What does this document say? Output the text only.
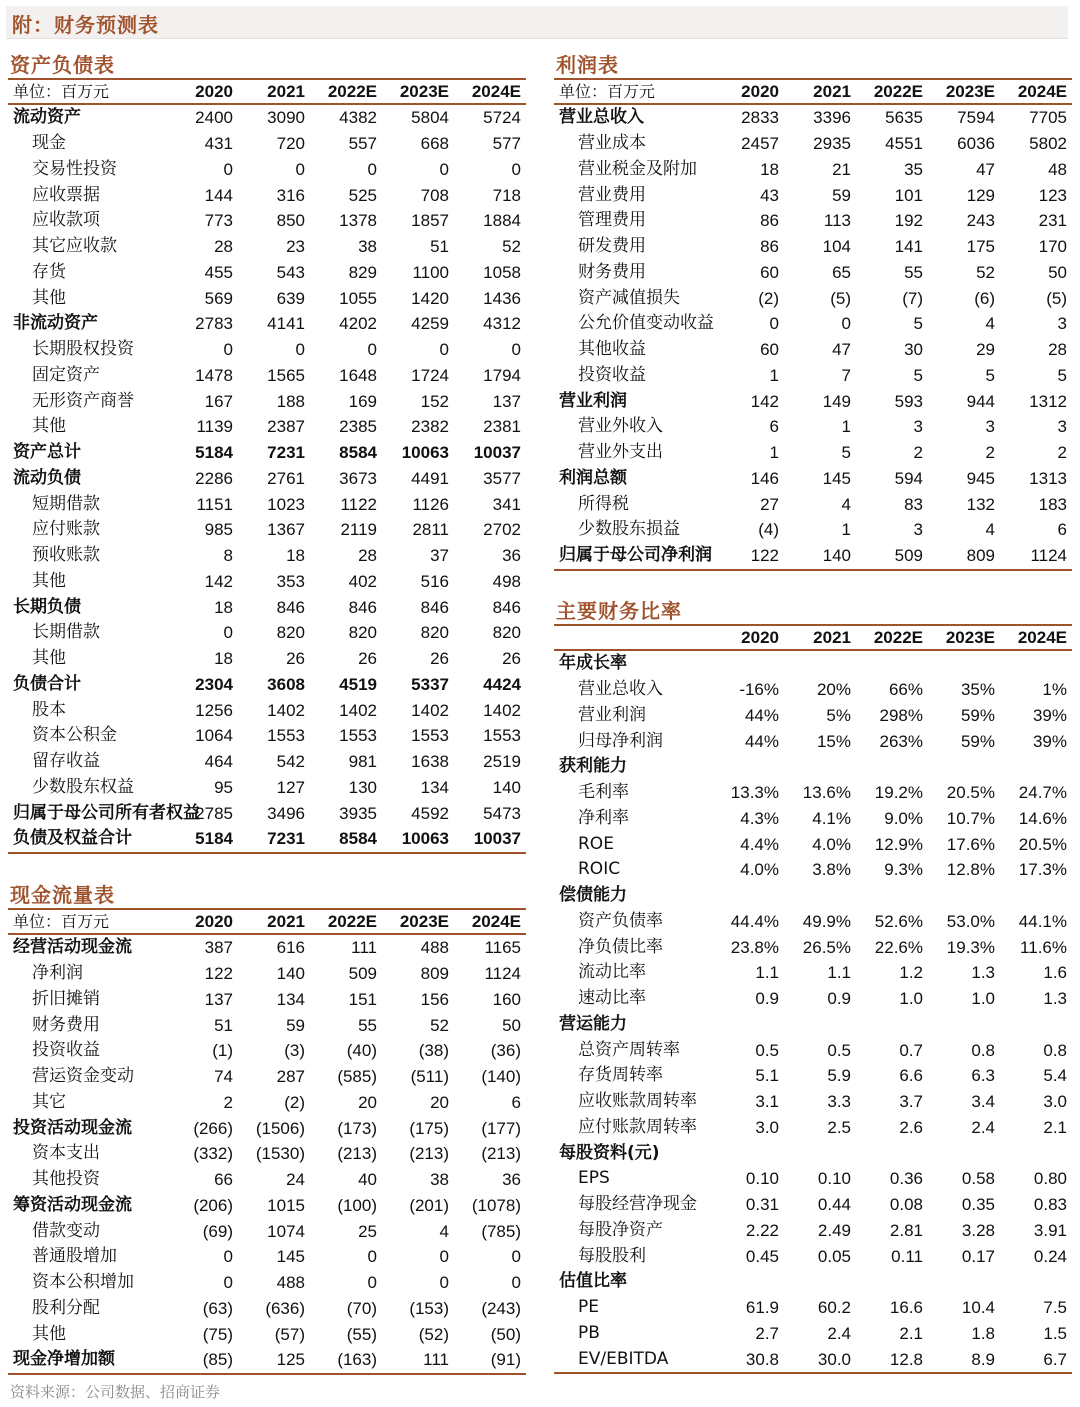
附：财务预测表
资产负债表
单位：百万元	2020	2021	2022E	2023E	2024E
流动资产	2400	3090	4382	5804	5724
现金	431	720	557	668	577
交易性投资	0	0	0	0	0
应收票据	144	316	525	708	718
应收款项	773	850	1378	1857	1884
其它应收款	28	23	38	51	52
存货	455	543	829	1100	1058
其他	569	639	1055	1420	1436
非流动资产	2783	4141	4202	4259	4312
长期股权投资	0	0	0	0	0
固定资产	1478	1565	1648	1724	1794
无形资产商誉	167	188	169	152	137
其他	1139	2387	2385	2382	2381
资产总计	5184	7231	8584	10063	10037
流动负债	2286	2761	3673	4491	3577
短期借款	1151	1023	1122	1126	341
应付账款	985	1367	2119	2811	2702
预收账款	8	18	28	37	36
其他	142	353	402	516	498
长期负债	18	846	846	846	846
长期借款	0	820	820	820	820
其他	18	26	26	26	26
负债合计	2304	3608	4519	5337	4424
股本	1256	1402	1402	1402	1402
资本公积金	1064	1553	1553	1553	1553
留存收益	464	542	981	1638	2519
少数股东权益	95	127	130	134	140
归属于母公司所有者权益	2785	3496	3935	4592	5473
负债及权益合计	5184	7231	8584	10063	10037
现金流量表
单位：百万元	2020	2021	2022E	2023E	2024E
经营活动现金流	387	616	111	488	1165
净利润	122	140	509	809	1124
折旧摊销	137	134	151	156	160
财务费用	51	59	55	52	50
投资收益	(1)	(3)	(40)	(38)	(36)
营运资金变动	74	287	(585)	(511)	(140)
其它	2	(2)	20	20	6
投资活动现金流	(266)	(1506)	(173)	(175)	(177)
资本支出	(332)	(1530)	(213)	(213)	(213)
其他投资	66	24	40	38	36
筹资活动现金流	(206)	1015	(100)	(201)	(1078)
借款变动	(69)	1074	25	4	(785)
普通股增加	0	145	0	0	0
资本公积增加	0	488	0	0	0
股利分配	(63)	(636)	(70)	(153)	(243)
其他	(75)	(57)	(55)	(52)	(50)
现金净增加额	(85)	125	(163)	111	(91)
利润表
单位：百万元	2020	2021	2022E	2023E	2024E
营业总收入	2833	3396	5635	7594	7705
营业成本	2457	2935	4551	6036	5802
营业税金及附加	18	21	35	47	48
营业费用	43	59	101	129	123
管理费用	86	113	192	243	231
研发费用	86	104	141	175	170
财务费用	60	65	55	52	50
资产减值损失	(2)	(5)	(7)	(6)	(5)
公允价值变动收益	0	0	5	4	3
其他收益	60	47	30	29	28
投资收益	1	7	5	5	5
营业利润	142	149	593	944	1312
营业外收入	6	1	3	3	3
营业外支出	1	5	2	2	2
利润总额	146	145	594	945	1313
所得税	27	4	83	132	183
少数股东损益	(4)	1	3	4	6
归属于母公司净利润	122	140	509	809	1124
主要财务比率
	2020	2021	2022E	2023E	2024E
年成长率					
营业总收入	-16%	20%	66%	35%	1%
营业利润	44%	5%	298%	59%	39%
归母净利润	44%	15%	263%	59%	39%
获利能力					
毛利率	13.3%	13.6%	19.2%	20.5%	24.7%
净利率	4.3%	4.1%	9.0%	10.7%	14.6%
ROE	4.4%	4.0%	12.9%	17.6%	20.5%
ROIC	4.0%	3.8%	9.3%	12.8%	17.3%
偿债能力					
资产负债率	44.4%	49.9%	52.6%	53.0%	44.1%
净负债比率	23.8%	26.5%	22.6%	19.3%	11.6%
流动比率	1.1	1.1	1.2	1.3	1.6
速动比率	0.9	0.9	1.0	1.0	1.3
营运能力					
总资产周转率	0.5	0.5	0.7	0.8	0.8
存货周转率	5.1	5.9	6.6	6.3	5.4
应收账款周转率	3.1	3.3	3.7	3.4	3.0
应付账款周转率	3.0	2.5	2.6	2.4	2.1
每股资料(元)					
EPS	0.10	0.10	0.36	0.58	0.80
每股经营净现金	0.31	0.44	0.08	0.35	0.83
每股净资产	2.22	2.49	2.81	3.28	3.91
每股股利	0.45	0.05	0.11	0.17	0.24
估值比率					
PE	61.9	60.2	16.6	10.4	7.5
PB	2.7	2.4	2.1	1.8	1.5
EV/EBITDA	30.8	30.0	12.8	8.9	6.7
资料来源：公司数据、招商证券
